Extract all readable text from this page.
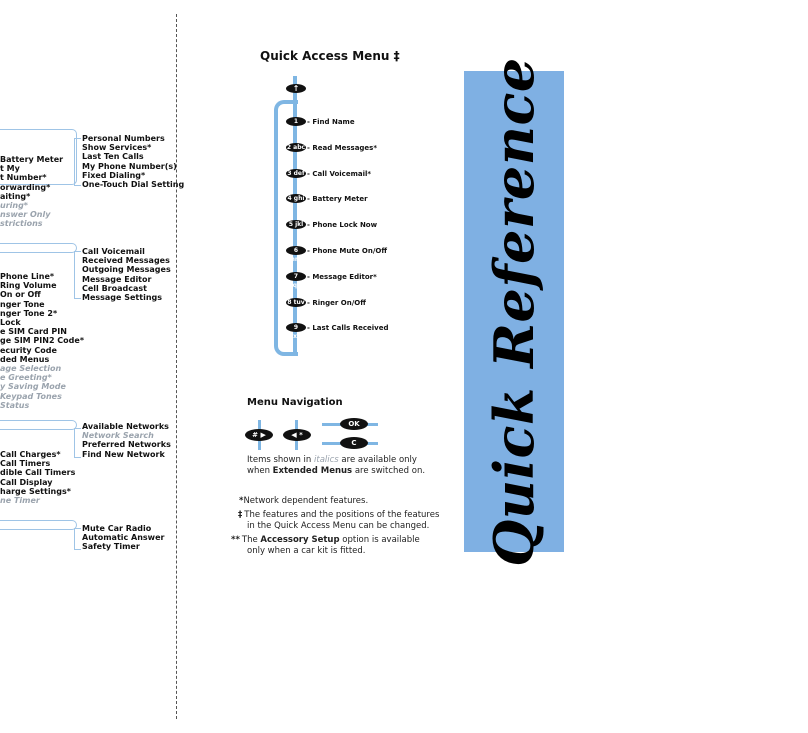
Battery Meter
t My
t Number*
orwarding*
aiting*
uring*
nswer Only
strictions
Personal Numbers
Show Services*
Last Ten Calls
My Phone Number(s)
Fixed Dialing*
One-Touch Dial Setting
Phone Line*
Ring Volume
On or Off
nger Tone
nger Tone 2*
Lock
e SIM Card PIN
ge SIM PIN2 Code*
ecurity Code
ded Menus
age Selection
e Greeting*
y Saving Mode
Keypad Tones
Status
Call Voicemail
Received Messages
Outgoing Messages
Message Editor
Cell Broadcast
Message Settings
Available Networks
Network Search
Preferred Networks
Find New Network
Call Charges*
Call Timers
dible Call Timers
Call Display
harge Settings*
ne Timer
Mute Car Radio
Automatic Answer
Safety Timer
Quick Access Menu ‡
↑
1	- Find Name
2 abc - Read Messages*
3 def - Call Voicemail*
4 ghi - Battery Meter
5 jkl - Phone Lock Now
6 mno
- Phone Mute On/Off
7 pqrs
- Message Editor*
8 tuv - Ringer On/Off
9 wxyz
- Last Calls Received
Menu Navigation
# ▶	◀ *
OK
C
Items shown in italics are available only
when Extended Menus are switched on.
*Network dependent features.
‡ The features and the positions of the features
in the Quick Access Menu can be changed.
** The Accessory Setup option is available
only when a car kit is fitted.	Quick Reference
